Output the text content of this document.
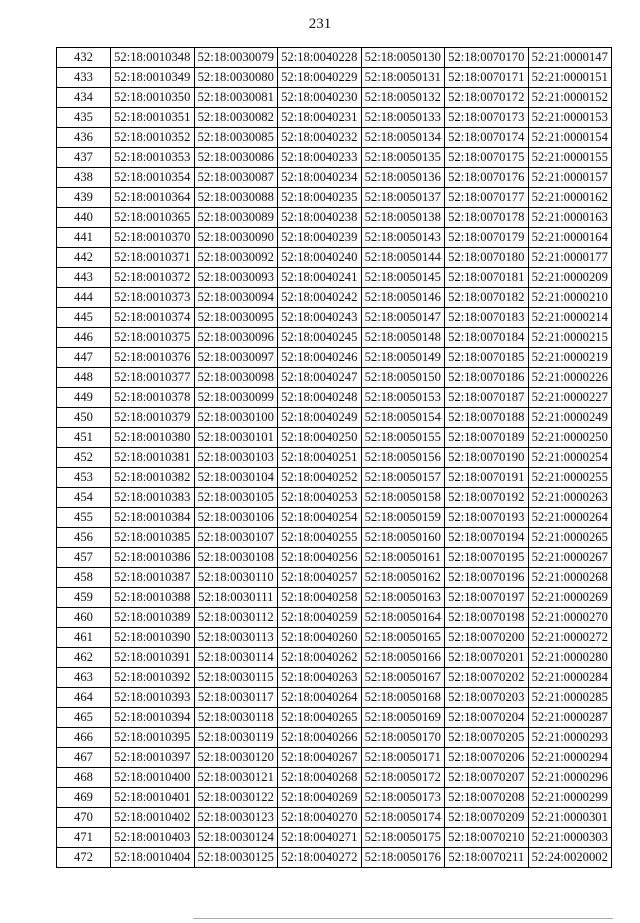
231
432	52:18:0010348	52:18:0030079	52:18:0040228	52:18:0050130	52:18:0070170	52:21:0000147
433	52:18:0010349	52:18:0030080	52:18:0040229	52:18:0050131	52:18:0070171	52:21:0000151
434	52:18:0010350	52:18:0030081	52:18:0040230	52:18:0050132	52:18:0070172	52:21:0000152
435	52:18:0010351	52:18:0030082	52:18:0040231	52:18:0050133	52:18:0070173	52:21:0000153
436	52:18:0010352	52:18:0030085	52:18:0040232	52:18:0050134	52:18:0070174	52:21:0000154
437	52:18:0010353	52:18:0030086	52:18:0040233	52:18:0050135	52:18:0070175	52:21:0000155
438	52:18:0010354	52:18:0030087	52:18:0040234	52:18:0050136	52:18:0070176	52:21:0000157
439	52:18:0010364	52:18:0030088	52:18:0040235	52:18:0050137	52:18:0070177	52:21:0000162
440	52:18:0010365	52:18:0030089	52:18:0040238	52:18:0050138	52:18:0070178	52:21:0000163
441	52:18:0010370	52:18:0030090	52:18:0040239	52:18:0050143	52:18:0070179	52:21:0000164
442	52:18:0010371	52:18:0030092	52:18:0040240	52:18:0050144	52:18:0070180	52:21:0000177
443	52:18:0010372	52:18:0030093	52:18:0040241	52:18:0050145	52:18:0070181	52:21:0000209
444	52:18:0010373	52:18:0030094	52:18:0040242	52:18:0050146	52:18:0070182	52:21:0000210
445	52:18:0010374	52:18:0030095	52:18:0040243	52:18:0050147	52:18:0070183	52:21:0000214
446	52:18:0010375	52:18:0030096	52:18:0040245	52:18:0050148	52:18:0070184	52:21:0000215
447	52:18:0010376	52:18:0030097	52:18:0040246	52:18:0050149	52:18:0070185	52:21:0000219
448	52:18:0010377	52:18:0030098	52:18:0040247	52:18:0050150	52:18:0070186	52:21:0000226
449	52:18:0010378	52:18:0030099	52:18:0040248	52:18:0050153	52:18:0070187	52:21:0000227
450	52:18:0010379	52:18:0030100	52:18:0040249	52:18:0050154	52:18:0070188	52:21:0000249
451	52:18:0010380	52:18:0030101	52:18:0040250	52:18:0050155	52:18:0070189	52:21:0000250
452	52:18:0010381	52:18:0030103	52:18:0040251	52:18:0050156	52:18:0070190	52:21:0000254
453	52:18:0010382	52:18:0030104	52:18:0040252	52:18:0050157	52:18:0070191	52:21:0000255
454	52:18:0010383	52:18:0030105	52:18:0040253	52:18:0050158	52:18:0070192	52:21:0000263
455	52:18:0010384	52:18:0030106	52:18:0040254	52:18:0050159	52:18:0070193	52:21:0000264
456	52:18:0010385	52:18:0030107	52:18:0040255	52:18:0050160	52:18:0070194	52:21:0000265
457	52:18:0010386	52:18:0030108	52:18:0040256	52:18:0050161	52:18:0070195	52:21:0000267
458	52:18:0010387	52:18:0030110	52:18:0040257	52:18:0050162	52:18:0070196	52:21:0000268
459	52:18:0010388	52:18:0030111	52:18:0040258	52:18:0050163	52:18:0070197	52:21:0000269
460	52:18:0010389	52:18:0030112	52:18:0040259	52:18:0050164	52:18:0070198	52:21:0000270
461	52:18:0010390	52:18:0030113	52:18:0040260	52:18:0050165	52:18:0070200	52:21:0000272
462	52:18:0010391	52:18:0030114	52:18:0040262	52:18:0050166	52:18:0070201	52:21:0000280
463	52:18:0010392	52:18:0030115	52:18:0040263	52:18:0050167	52:18:0070202	52:21:0000284
464	52:18:0010393	52:18:0030117	52:18:0040264	52:18:0050168	52:18:0070203	52:21:0000285
465	52:18:0010394	52:18:0030118	52:18:0040265	52:18:0050169	52:18:0070204	52:21:0000287
466	52:18:0010395	52:18:0030119	52:18:0040266	52:18:0050170	52:18:0070205	52:21:0000293
467	52:18:0010397	52:18:0030120	52:18:0040267	52:18:0050171	52:18:0070206	52:21:0000294
468	52:18:0010400	52:18:0030121	52:18:0040268	52:18:0050172	52:18:0070207	52:21:0000296
469	52:18:0010401	52:18:0030122	52:18:0040269	52:18:0050173	52:18:0070208	52:21:0000299
470	52:18:0010402	52:18:0030123	52:18:0040270	52:18:0050174	52:18:0070209	52:21:0000301
471	52:18:0010403	52:18:0030124	52:18:0040271	52:18:0050175	52:18:0070210	52:21:0000303
472	52:18:0010404	52:18:0030125	52:18:0040272	52:18:0050176	52:18:0070211	52:24:0020002
